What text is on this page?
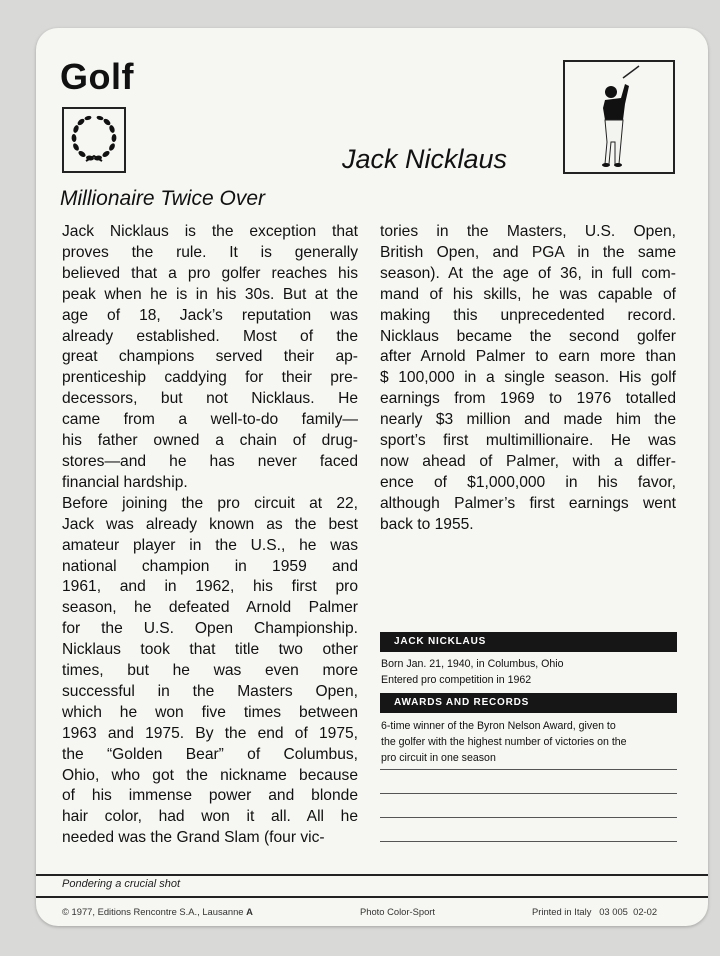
Golf
Jack Nicklaus
Millionaire Twice Over
Jack Nicklaus is the exception that
proves the rule. It is generally
believed that a pro golfer reaches his
peak when he is in his 30s. But at the
age of 18, Jack’s reputation was
already established. Most of the
great champions served their ap-
prenticeship caddying for their pre-
decessors, but not Nicklaus. He
came from a well-to-do family—
his father owned a chain of drug-
stores—and he has never faced
financial hardship.
Before joining the pro circuit at 22,
Jack was already known as the best
amateur player in the U.S., he was
national champion in 1959 and
1961, and in 1962, his first pro
season, he defeated Arnold Palmer
for the U.S. Open Championship.
Nicklaus took that title two other
times, but he was even more
successful in the Masters Open,
which he won five times between
1963 and 1975. By the end of 1975,
the “Golden Bear” of Columbus,
Ohio, who got the nickname because
of his immense power and blonde
hair color, had won it all. All he
needed was the Grand Slam (four vic-
tories in the Masters, U.S. Open,
British Open, and PGA in the same
season). At the age of 36, in full com-
mand of his skills, he was capable of
making this unprecedented record.
Nicklaus became the second golfer
after Arnold Palmer to earn more than
$ 100,000 in a single season. His golf
earnings from 1969 to 1976 totalled
nearly $3 million and made him the
sport’s first multimillionaire. He was
now ahead of Palmer, with a differ-
ence of $1,000,000 in his favor,
although Palmer’s first earnings went
back to 1955.
JACK NICKLAUS
Born Jan. 21, 1940, in Columbus, Ohio
Entered pro competition in 1962
AWARDS AND RECORDS
6-time winner of the Byron Nelson Award, given to
the golfer with the highest number of victories on the
pro circuit in one season
Pondering a crucial shot
© 1977, Editions Rencontre S.A., Lausanne A	Photo Color-Sport	Printed in Italy   03 005  02-02
